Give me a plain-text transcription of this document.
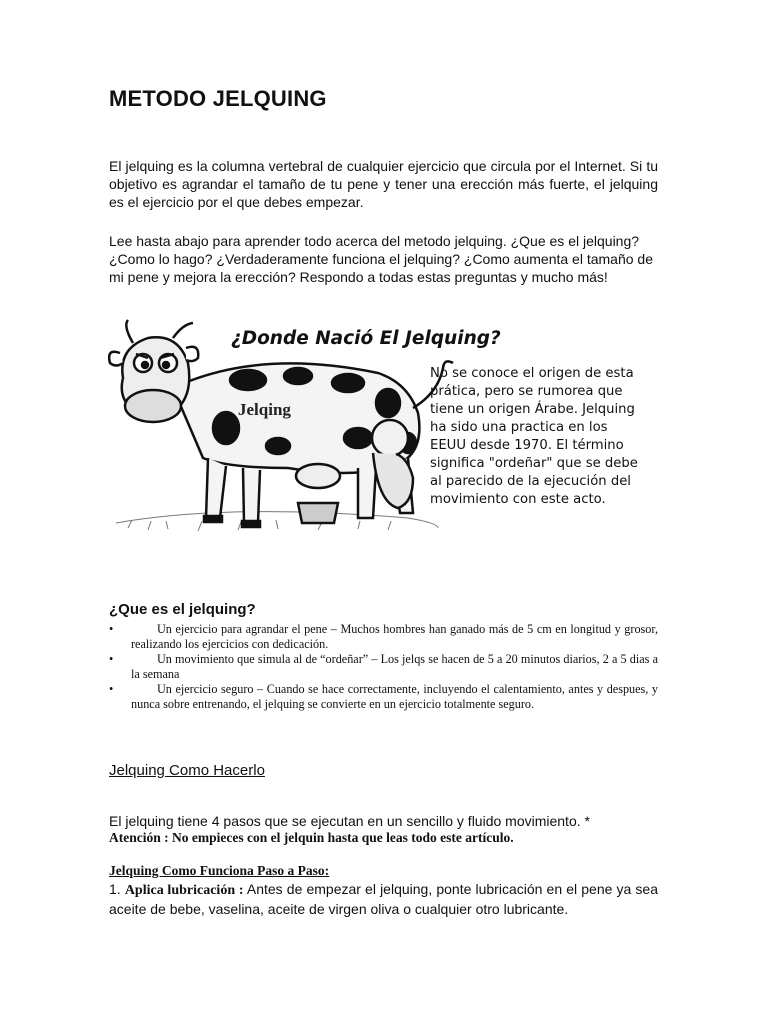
METODO JELQUING
El jelquing es la columna vertebral de cualquier ejercicio que circula por el Internet. Si tu objetivo es agrandar el tamaño de tu pene y tener una erección más fuerte, el jelquing es el ejercicio por el que debes empezar.
Lee hasta abajo para aprender todo acerca del metodo jelquing. ¿Que es el jelquing? ¿Como lo hago? ¿Verdaderamente funciona el jelquing? ¿Como aumenta el tamaño de mi pene y mejora la erección? Respondo a todas estas preguntas y mucho más!
Jelqing
¿Donde Nació El Jelquing?
No se conoce el origen de esta
prática, pero se rumorea que
tiene un origen Árabe. Jelquing
ha sido una practica en los
EEUU desde 1970. El término
significa "ordeñar" que se debe
al parecido de la ejecución del
movimiento con este acto.
¿Que es el jelquing?
•	Un ejercicio para agrandar el pene – Muchos hombres han ganado más de 5 cm en longitud y grosor, realizando los ejercicios con dedicación.
•	Un movimiento que simula al de “ordeñar” – Los jelqs se hacen de 5 a 20 minutos diarios, 2 a 5 dias a la semana
•	Un ejercicio seguro – Cuando se hace correctamente, incluyendo el calentamiento, antes y despues, y nunca sobre entrenando, el jelquing se convierte en un ejercicio totalmente seguro.
Jelquing Como Hacerlo
El jelquing tiene 4 pasos que se ejecutan en un sencillo y fluido movimiento. *
Atención : No empieces con el jelquin hasta que leas todo este artículo.
Jelquing Como Funciona Paso a Paso:
1. Aplica lubricación : Antes de empezar el jelquing, ponte lubricación en el pene ya sea aceite de bebe, vaselina, aceite de virgen oliva o cualquier otro lubricante.
